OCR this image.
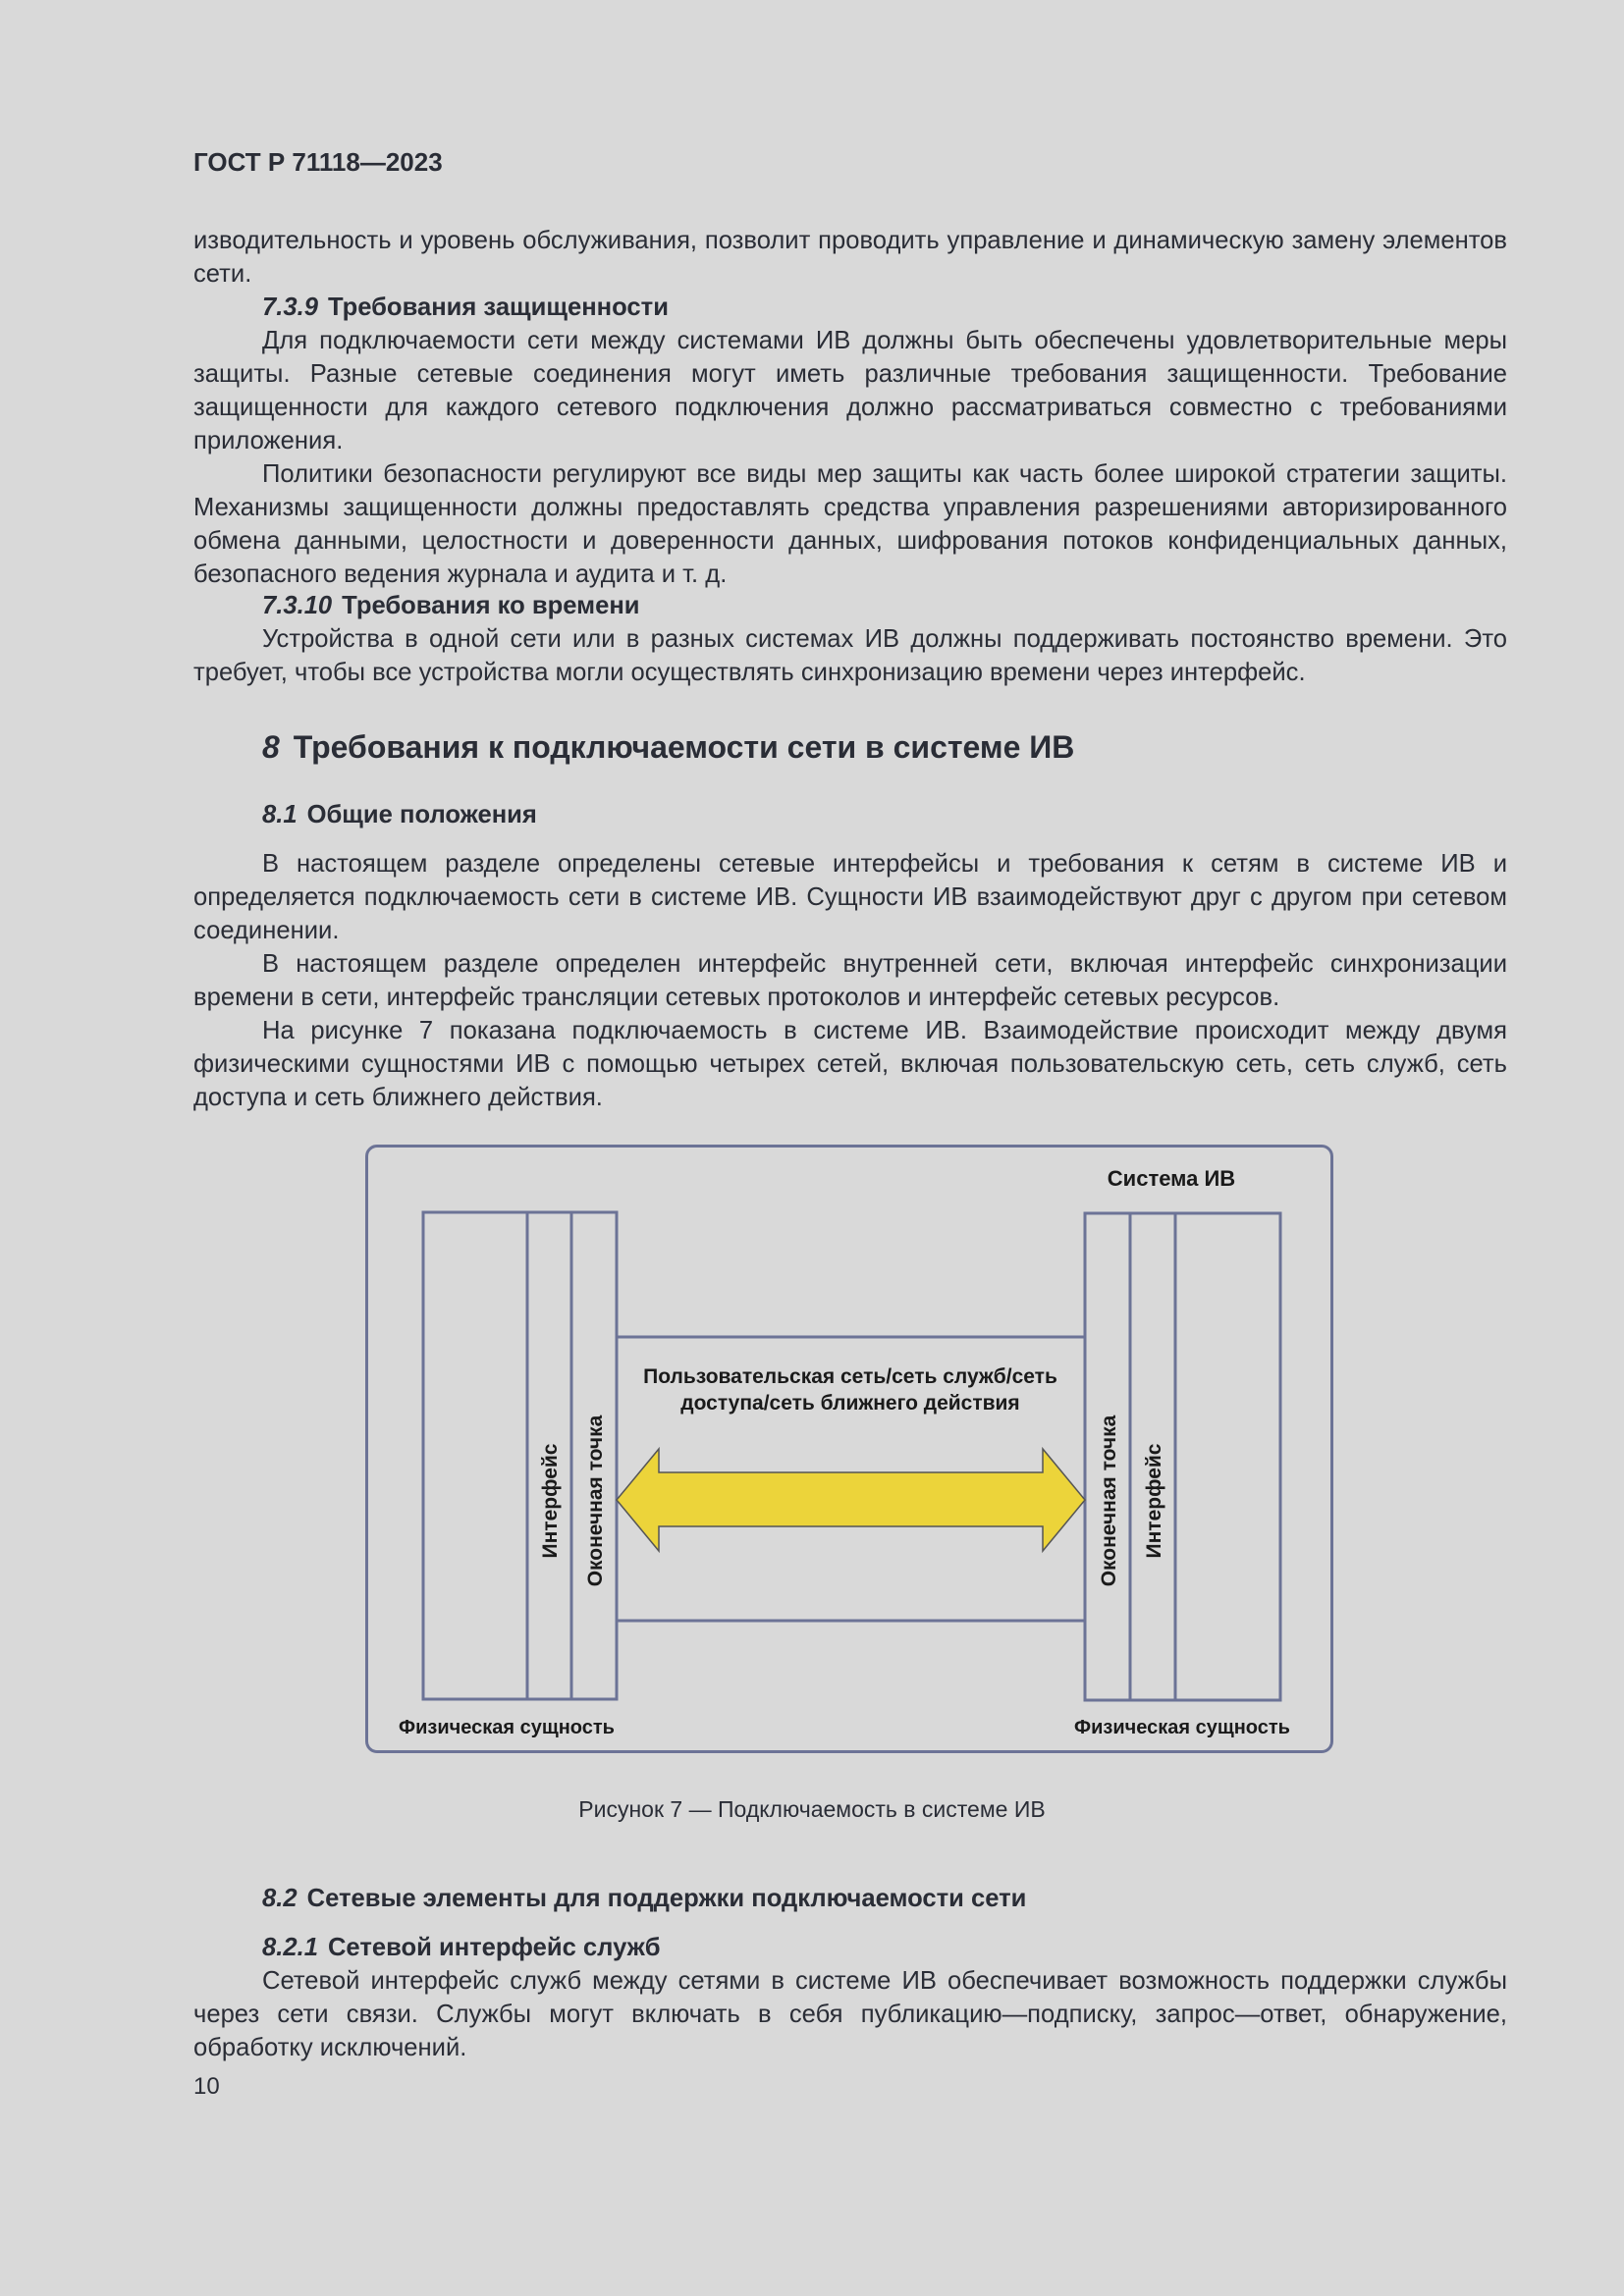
ГОСТ Р 71118—2023

изводительность и уровень обслуживания, позволит проводить управление и динамическую замену элементов сети.

7.3.9 Требования защищенности

Для подключаемости сети между системами ИВ должны быть обеспечены удовлетворительные меры защиты. Разные сетевые соединения могут иметь различные требования защищенности. Требование защищенности для каждого сетевого подключения должно рассматриваться совместно с требованиями приложения.

Политики безопасности регулируют все виды мер защиты как часть более широкой стратегии защиты. Механизмы защищенности должны предоставлять средства управления разрешениями автоpизированного обмена данными, целостности и доверенности данных, шифрования потоков конфиденциальных данных, безопасного ведения журнала и аудита и т. д.

7.3.10 Требования ко времени

Устройства в одной сети или в разных системах ИВ должны поддерживать постоянство времени. Это требует, чтобы все устройства могли осуществлять синхронизацию времени через интерфейс.

8 Требования к подключаемости сети в системе ИВ
8.1 Общие положения

В настоящем разделе определены сетевые интерфейсы и требования к сетям в системе ИВ и определяется подключаемость сети в системе ИВ. Сущности ИВ взаимодействуют друг с другом при сетевом соединении.

В настоящем разделе определен интерфейс внутренней сети, включая интерфейс синхронизации времени в сети, интерфейс трансляции сетевых протоколов и интерфейс сетевых ресурсов.

На рисунке 7 показана подключаемость в системе ИВ. Взаимодействие происходит между двумя физическими сущностями ИВ с помощью четырех сетей, включая пользовательскую сеть, сеть служб, сеть доступа и сеть ближнего действия.

Система ИВ
Интерфейс Оконечная точка	Оконечная точка Интерфейс
Пользовательская сеть/сеть служб/сеть
доступа/сеть ближнего действия
Физическая сущность	Физическая сущность
Рисунок 7 — Подключаемость в системе ИВ
8.2 Сетевые элементы для поддержки подключаемости сети
8.2.1 Сетевой интерфейс служб

Сетевой интерфейс служб между сетями в системе ИВ обеспечивает возможность поддержки службы через сети связи. Службы могут включать в себя публикацию—подписку, запрос—ответ, обнаружение, обработку исключений.

10
